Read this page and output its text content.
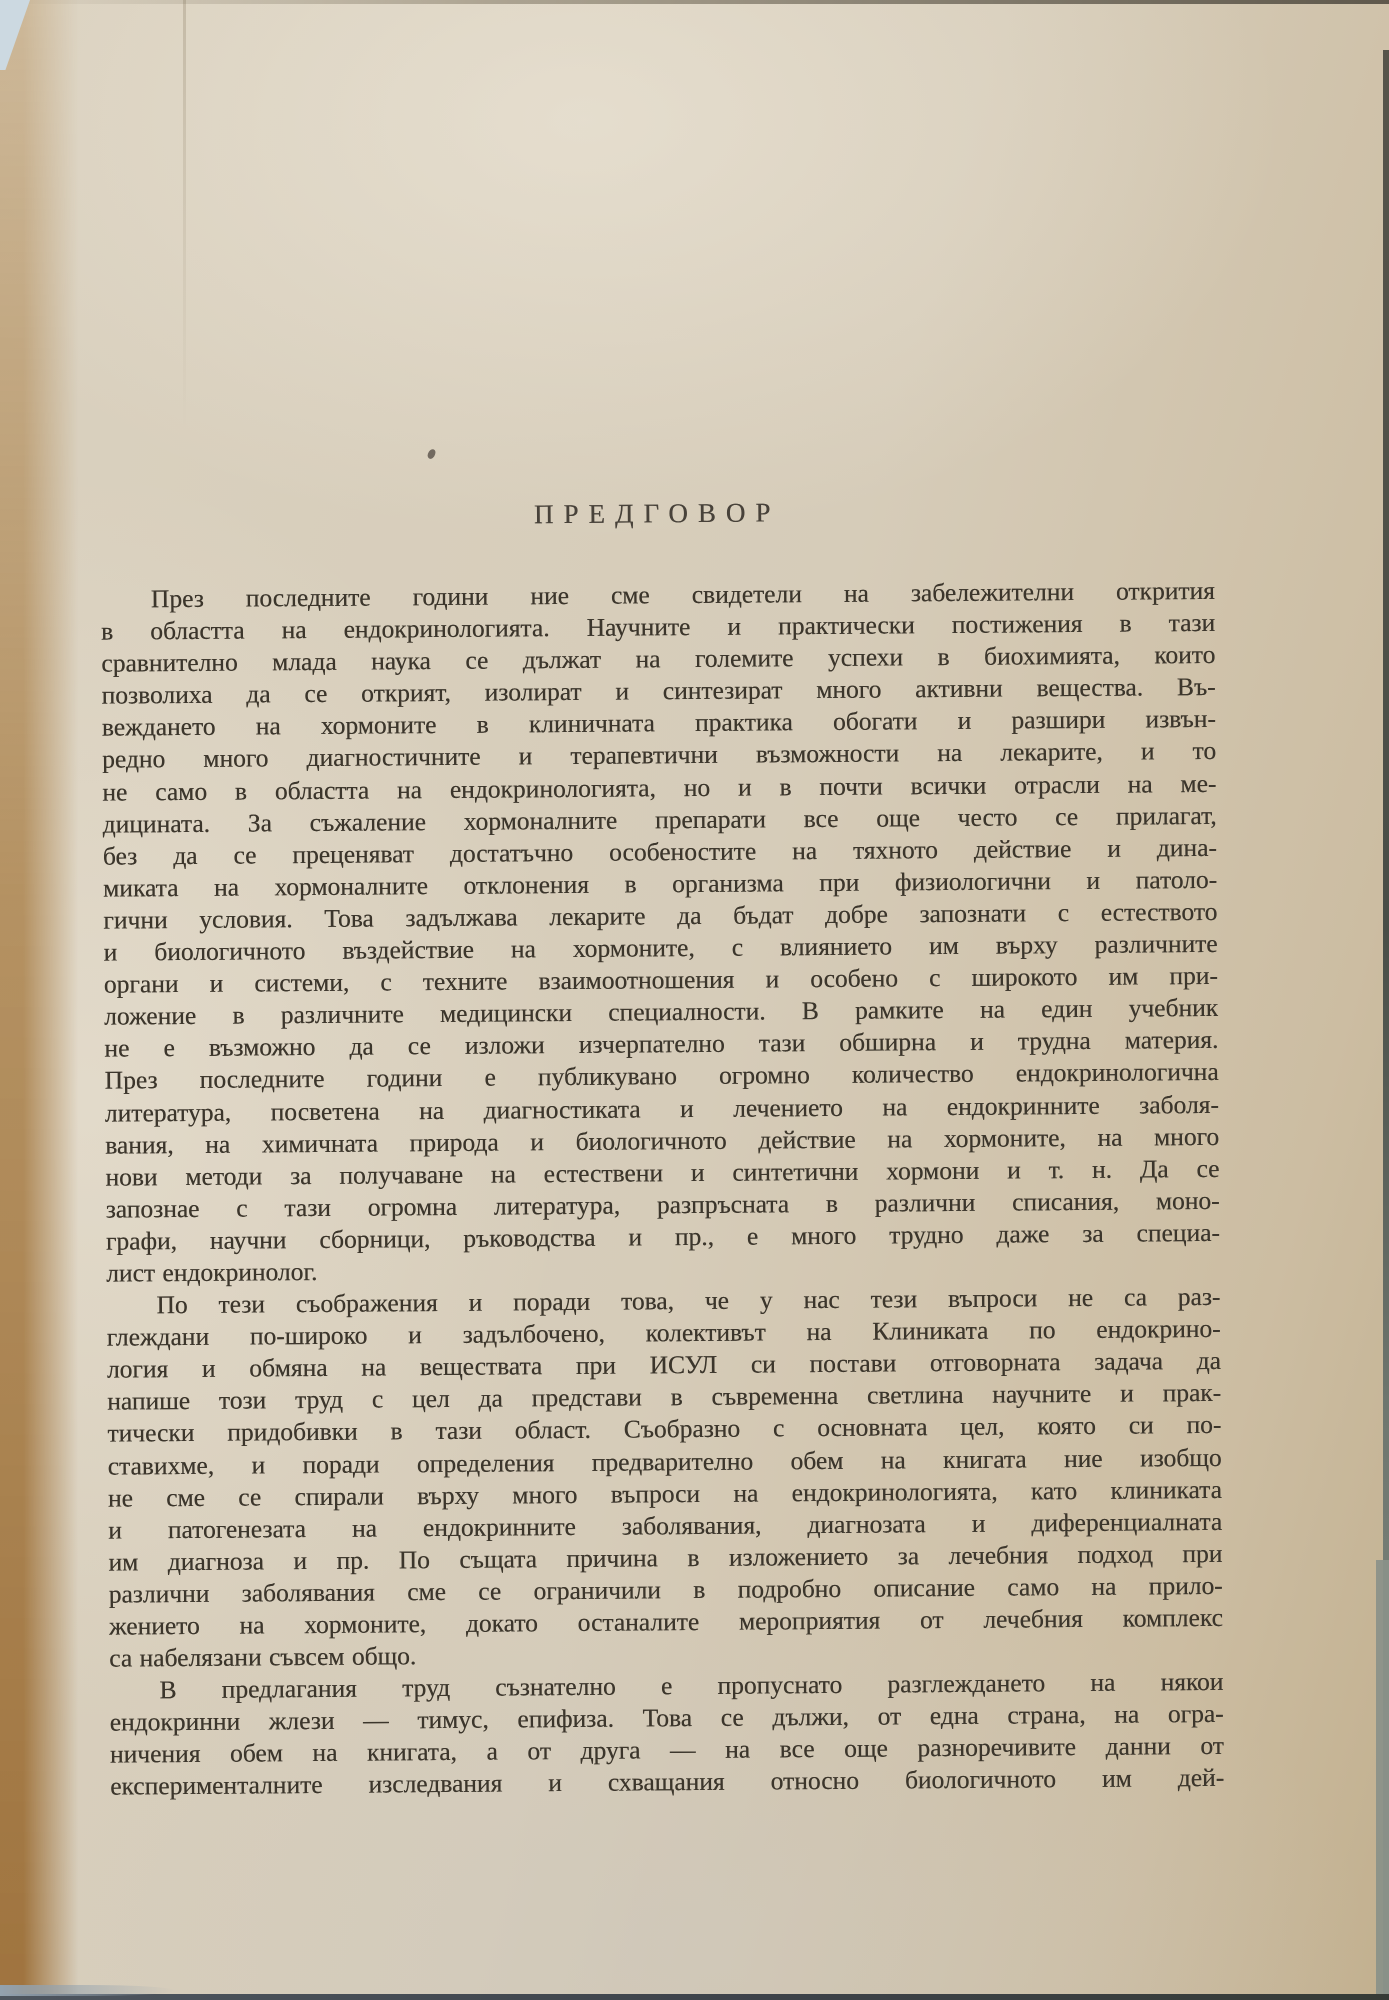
ПРЕДГОВОР
През последните години ние сме свидетели на забележителни открития
в областта на ендокринологията. Научните и практически постижения в тази
сравнително млада наука се дължат на големите успехи в биохимията, които
позволиха да се открият, изолират и синтезират много активни вещества. Въ-
веждането на хормоните в клиничната практика обогати и разшири извън-
редно много диагностичните и терапевтични възможности на лекарите, и то
не само в областта на ендокринологията, но и в почти всички отрасли на ме-
дицината. За съжаление хормоналните препарати все още често се прилагат,
без да се преценяват достатъчно особеностите на тяхното действие и дина-
миката на хормоналните отклонения в организма при физиологични и патоло-
гични условия. Това задължава лекарите да бъдат добре запознати с естеството
и биологичното въздействие на хормоните, с влиянието им върху различните
органи и системи, с техните взаимоотношения и особено с широкото им при-
ложение в различните медицински специалности. В рамките на един учебник
не е възможно да се изложи изчерпателно тази обширна и трудна материя.
През последните години е публикувано огромно количество ендокринологична
литература, посветена на диагностиката и лечението на ендокринните заболя-
вания, на химичната природа и биологичното действие на хормоните, на много
нови методи за получаване на естествени и синтетични хормони и т. н. Да се
запознае с тази огромна литература, разпръсната в различни списания, моно-
графи, научни сборници, ръководства и пр., е много трудно даже за специа-
лист ендокринолог.
По тези съображения и поради това, че у нас тези въпроси не са раз-
глеждани по-широко и задълбочено, колективът на Клиниката по ендокрино-
логия и обмяна на веществата при ИСУЛ си постави отговорната задача да
напише този труд с цел да представи в съвременна светлина научните и прак-
тически придобивки в тази област. Съобразно с основната цел, която си по-
ставихме, и поради определения предварително обем на книгата ние изобщо
не сме се спирали върху много въпроси на ендокринологията, като клиниката
и патогенезата на ендокринните заболявания, диагнозата и диференциалната
им диагноза и пр. По същата причина в изложението за лечебния подход при
различни заболявания сме се ограничили в подробно описание само на прило-
жението на хормоните, докато останалите мероприятия от лечебния комплекс
са набелязани съвсем общо.
В предлагания труд съзнателно е пропуснато разглеждането на някои
ендокринни жлези — тимус, епифиза. Това се дължи, от една страна, на огра-
ничения обем на книгата, а от друга — на все още разноречивите данни от
експерименталните изследвания и схващания относно биологичното им дей-
